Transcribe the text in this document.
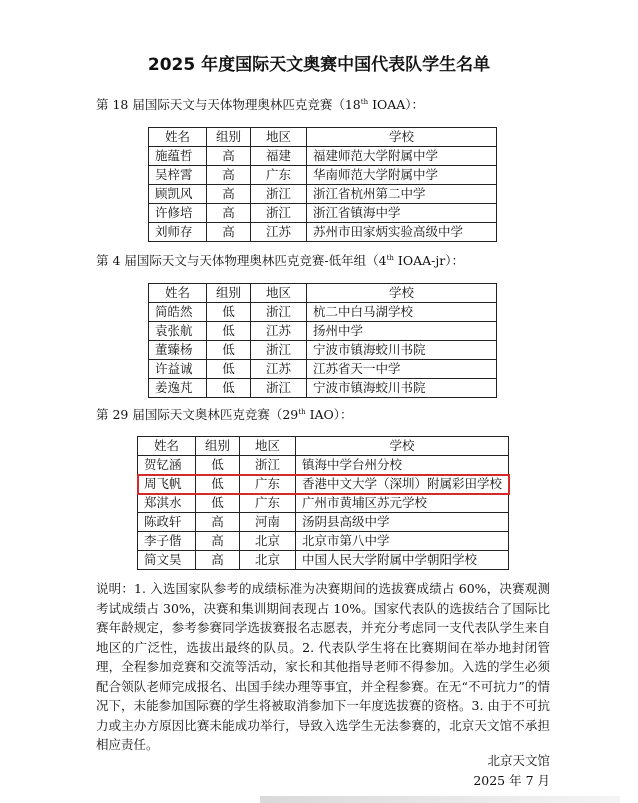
2025 年度国际天文奥赛中国代表队学生名单
第 18 届国际天文与天体物理奥林匹克竞赛（18th IOAA）：
姓名	组别	地区	学校
施蕴哲	高	福建	福建师范大学附属中学
吴梓霄	高	广东	华南师范大学附属中学
顾凯风	高	浙江	浙江省杭州第二中学
许修培	高	浙江	浙江省镇海中学
刘师存	高	江苏	苏州市田家炳实验高级中学
第 4 届国际天文与天体物理奥林匹克竞赛-低年组（4th IOAA-jr）：
姓名	组别	地区	学校
简皓然	低	浙江	杭二中白马湖学校
袁张航	低	江苏	扬州中学
董臻杨	低	浙江	宁波市镇海蛟川书院
许益诚	低	江苏	江苏省天一中学
姜逸芃	低	浙江	宁波市镇海蛟川书院
第 29 届国际天文奥林匹克竞赛（29th IAO）：
姓名	组别	地区	学校
贺钇涵	低	浙江	镇海中学台州分校
周飞帆	低	广东	香港中文大学（深圳）附属彩田学校
郑淇水	低	广东	广州市黄埔区苏元学校
陈政轩	高	河南	汤阴县高级中学
李子偕	高	北京	北京市第八中学
简文昊	高	北京	中国人民大学附属中学朝阳学校
说明：1. 入选国家队参考的成绩标准为决赛期间的选拔赛成绩占 60%，决赛观测考试成绩占 30%，决赛和集训期间表现占 10%。国家代表队的选拔结合了国际比赛年龄规定，参考参赛同学选拔赛报名志愿表，并充分考虑同一支代表队学生来自地区的广泛性，选拔出最终的队员。2. 代表队学生将在比赛期间在举办地封闭管理，全程参加竞赛和交流等活动，家长和其他指导老师不得参加。入选的学生必须配合领队老师完成报名、出国手续办理等事宜，并全程参赛。在无“不可抗力”的情况下，未能参加国际赛的学生将被取消参加下一年度选拔赛的资格。3. 由于不可抗力或主办方原因比赛未能成功举行，导致入选学生无法参赛的，北京天文馆不承担相应责任。
北京天文馆
2025 年 7 月
